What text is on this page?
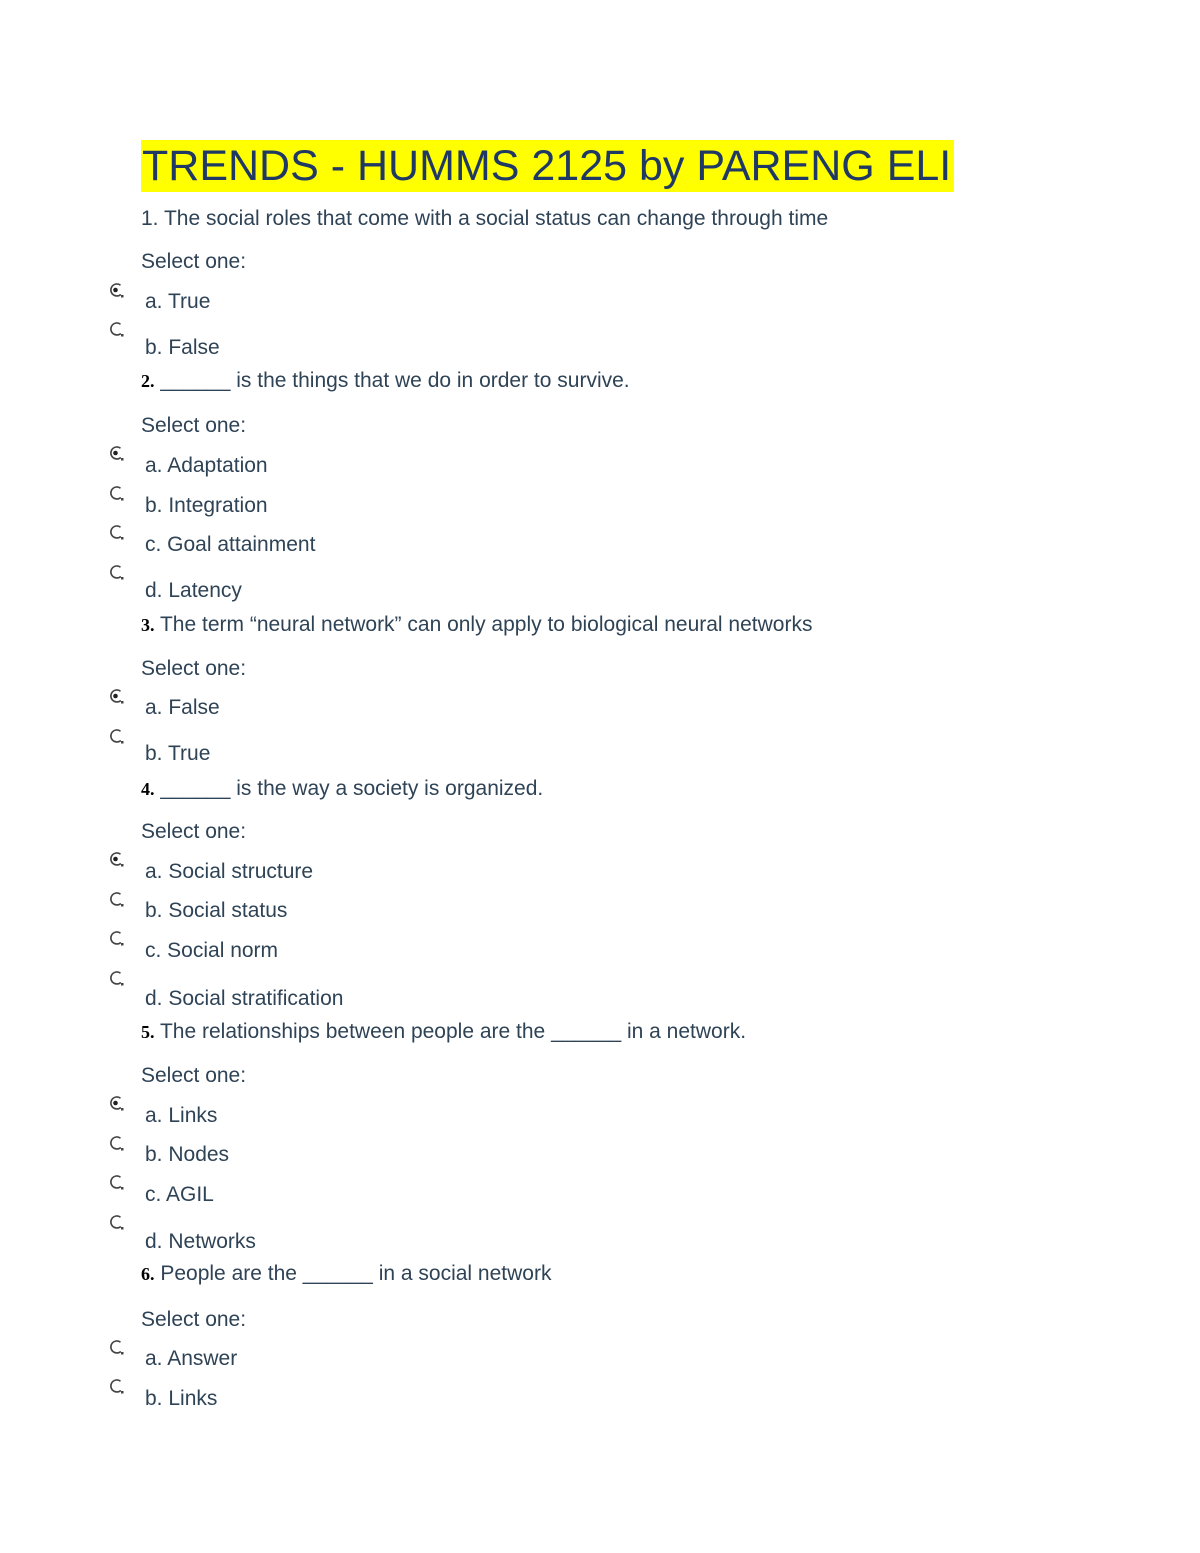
TRENDS - HUMMS 2125 by PARENG ELI
1. The social roles that come with a social status can change through time
Select one:
a. True
b. False
2. ______ is the things that we do in order to survive.
Select one:
a. Adaptation
b. Integration
c. Goal attainment
d. Latency
3. The term “neural network” can only apply to biological neural networks
Select one:
a. False
b. True
4. ______ is the way a society is organized.
Select one:
a. Social structure
b. Social status
c. Social norm
d. Social stratification
5. The relationships between people are the ______ in a network.
Select one:
a. Links
b. Nodes
c. AGIL
d. Networks
6. People are the ______ in a social network
Select one:
a. Answer
b. Links
